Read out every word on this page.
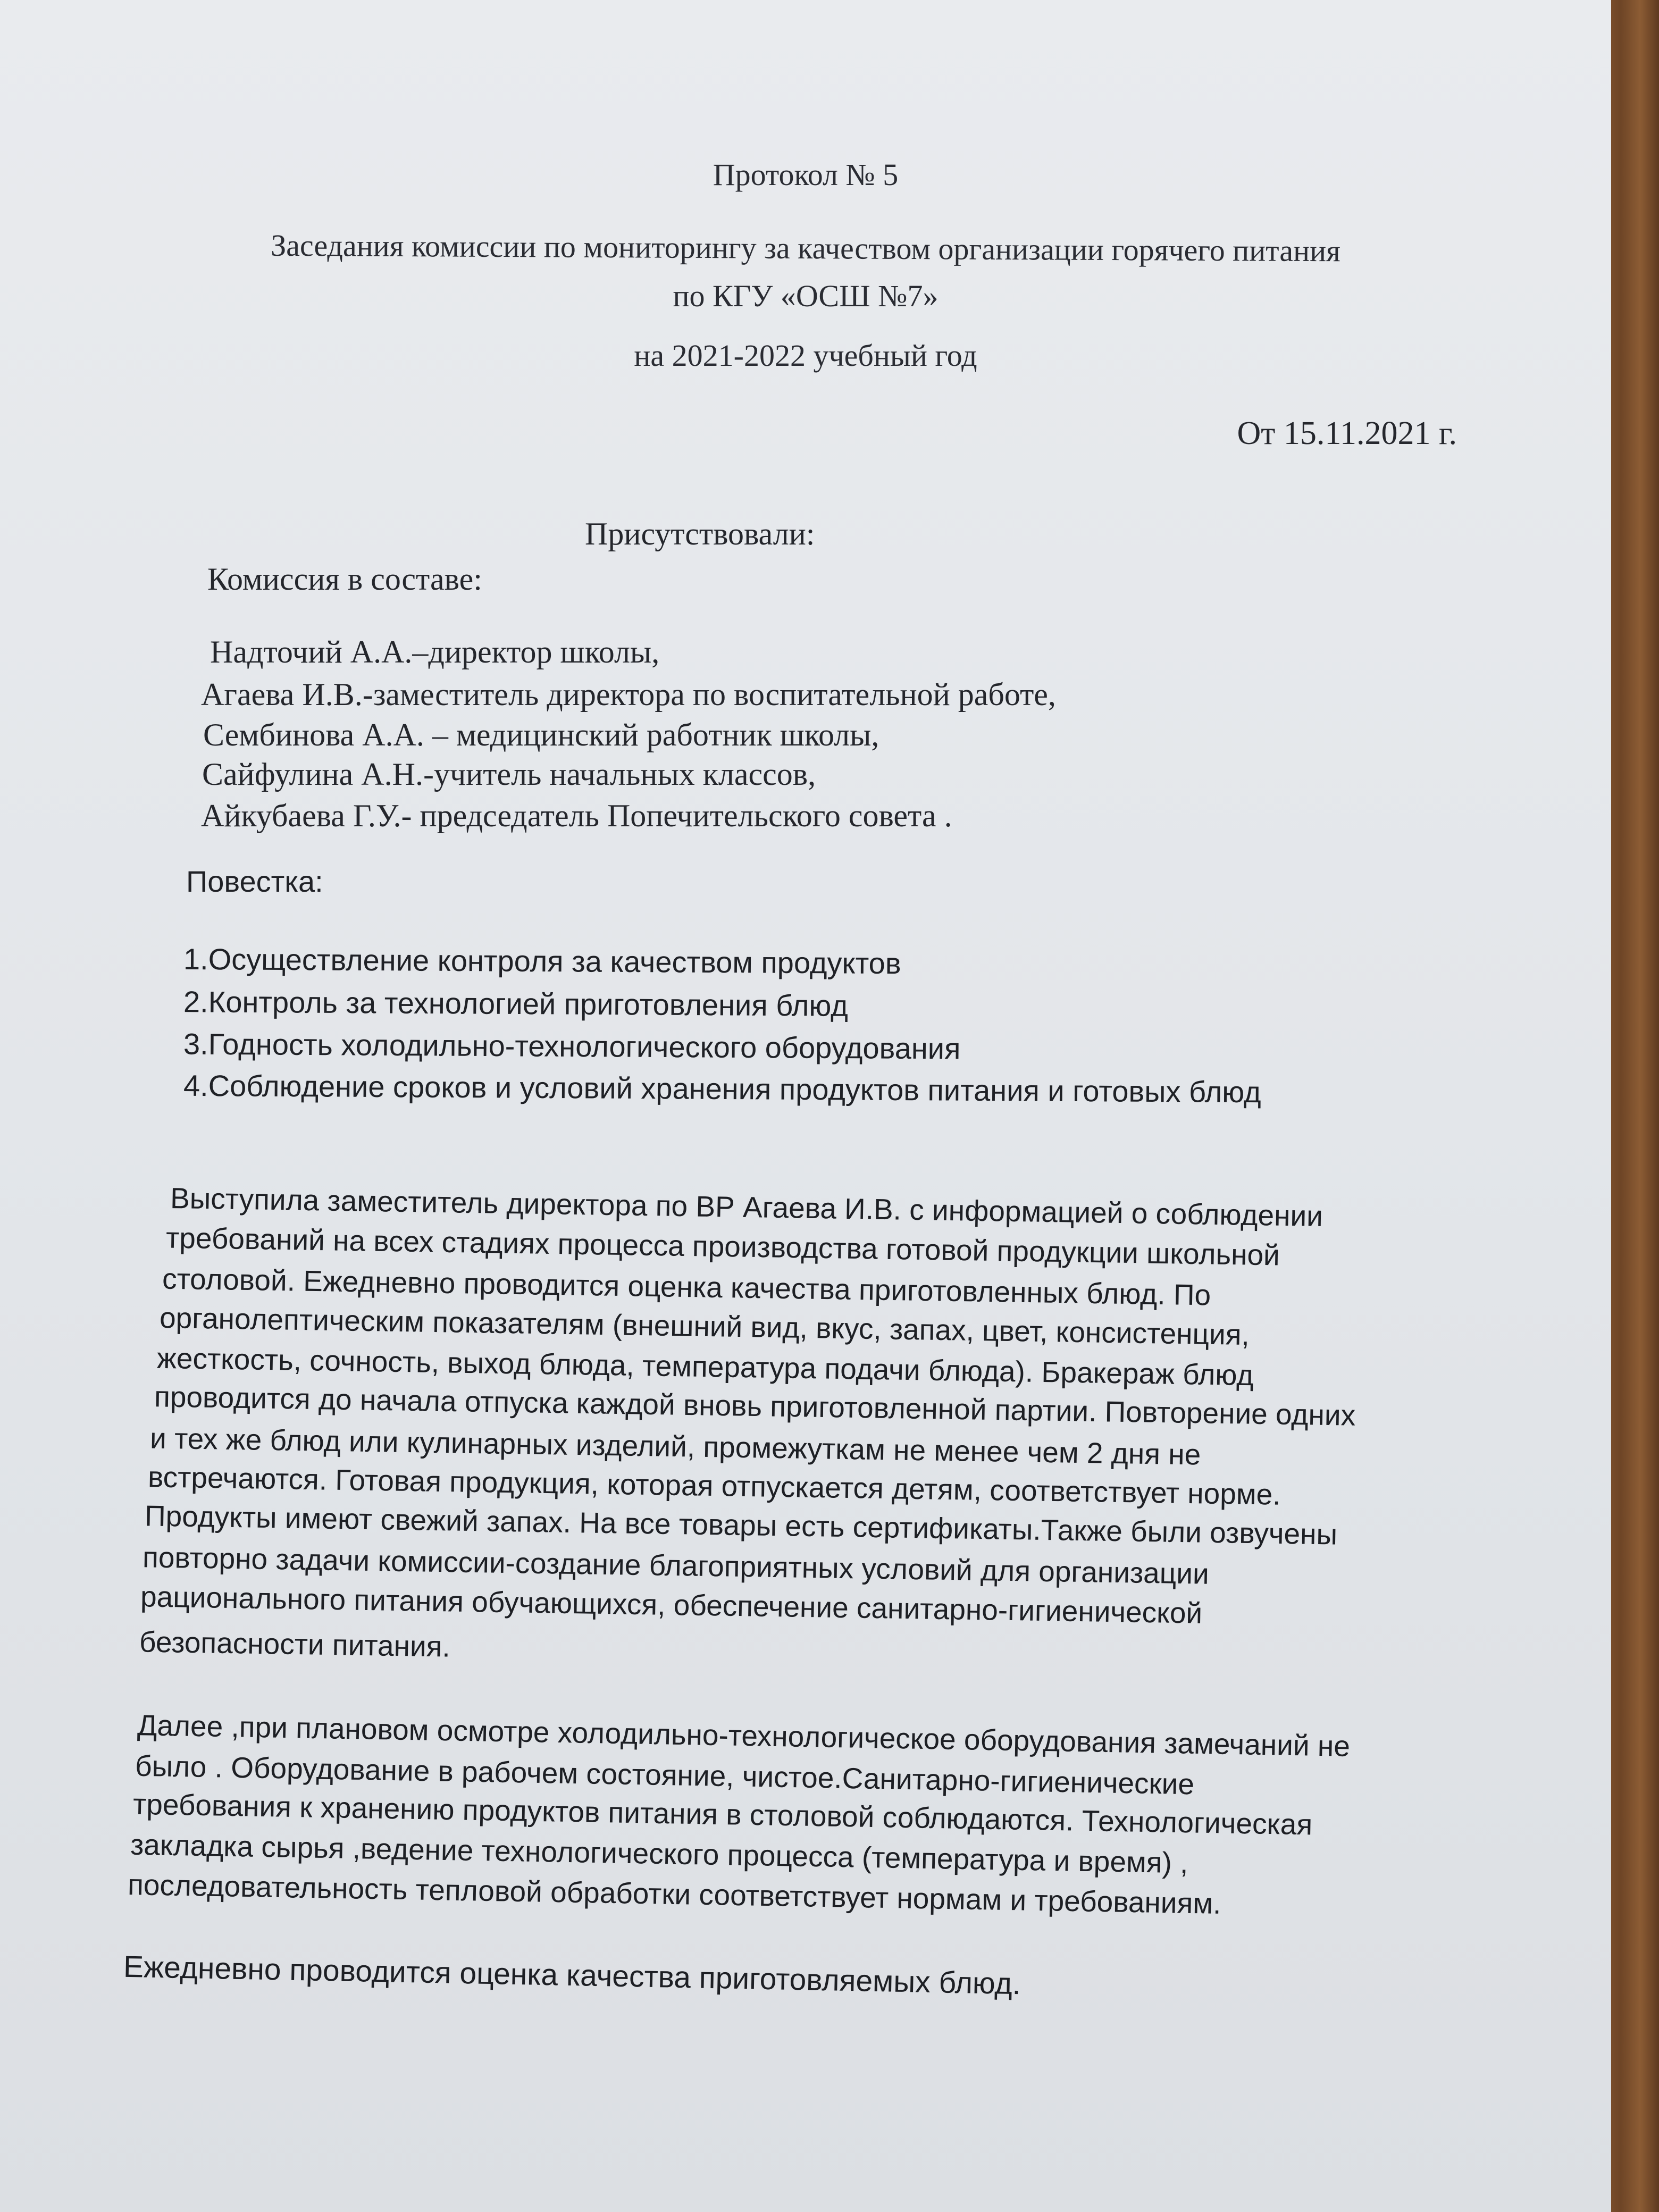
Протокол № 5
Заседания комиссии по мониторингу за качеством организации горячего питания
по КГУ «ОСШ №7»
на 2021-2022 учебный год
От 15.11.2021 г.
Присутствовали:
Комиссия в составе:
Надточий А.А.–директор школы,
Агаева И.В.-заместитель директора по воспитательной работе,
Сембинова А.А. – медицинский работник школы,
Сайфулина А.Н.-учитель начальных классов,
Айкубаева Г.У.- председатель Попечительского совета .
Повестка:
1.Осуществление контроля за качеством продуктов
2.Контроль за технологией приготовления блюд
3.Годность холодильно-технологического оборудования
4.Соблюдение сроков и условий хранения продуктов питания и готовых блюд
Выступила заместитель директора по ВР Агаева И.В. с информацией о соблюдении
требований на всех стадиях процесса производства готовой продукции школьной
столовой. Ежедневно проводится оценка качества приготовленных блюд. По
органолептическим показателям (внешний вид, вкус, запах, цвет, консистенция,
жесткость, сочность, выход блюда, температура подачи блюда). Бракераж блюд
проводится до начала отпуска каждой вновь приготовленной партии. Повторение одних
и тех же блюд или кулинарных изделий, промежуткам не менее чем 2 дня не
встречаются. Готовая продукция, которая отпускается детям, соответствует норме.
Продукты имеют свежий запах. На все товары есть сертификаты.Также были озвучены
повторно задачи комиссии-создание благоприятных условий для организации
рационального питания обучающихся, обеспечение санитарно-гигиенической
безопасности питания.
Далее ,при плановом осмотре холодильно-технологическое оборудования замечаний не
было . Оборудование в рабочем состояние, чистое.Санитарно-гигиенические
требования к хранению продуктов питания в столовой соблюдаются. Технологическая
закладка сырья ,ведение технологического процесса (температура и время) ,
последовательность тепловой обработки соответствует нормам и требованиям.
Ежедневно проводится оценка качества приготовляемых блюд.
